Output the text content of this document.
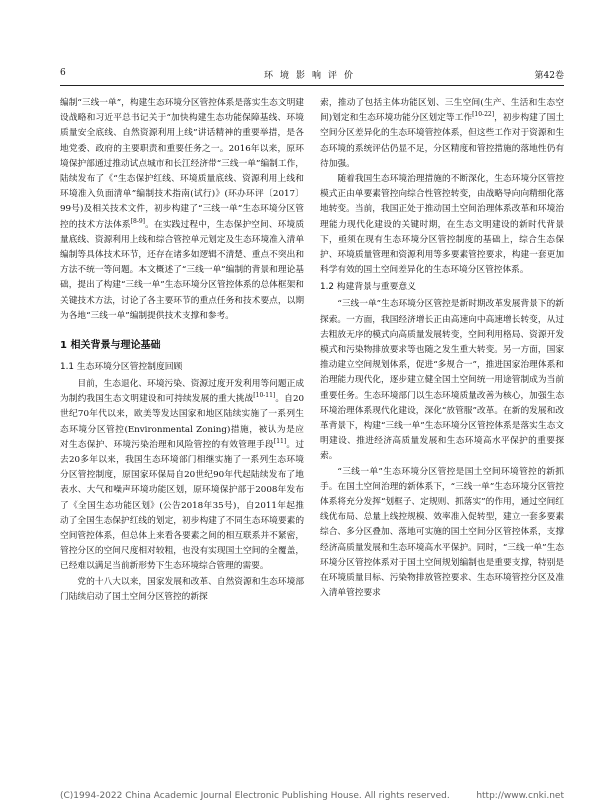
6	环境影响评价	第42卷

编制“三线一单”，构建生态环境分区管控体系是落实生态文明建设战略和习近平总书记关于“加快构建生态功能保障基线、环境质量安全底线、自然资源利用上线”讲话精神的重要举措，是各地党委、政府的主要职责和重要任务之一。2016年以来，原环境保护部通过推动试点城市和长江经济带“三线一单”编制工作，陆续发布了《“生态保护红线、环境质量底线、资源利用上线和环境准入负面清单”编制技术指南(试行)》(环办环评〔2017〕99号)及相关技术文件，初步构建了“三线一单”生态环境分区管控的技术方法体系[8-9]。在实践过程中，生态保护空间、环境质量底线、资源利用上线和综合管控单元划定及生态环境准入清单编制等具体技术环节，还存在诸多如逻辑不清楚、重点不突出和方法不统一等问题。本文概述了“三线一单”编制的背景和理论基础，提出了构建“三线一单”生态环境分区管控体系的总体框架和关键技术方法，讨论了各主要环节的重点任务和技术要点，以期为各地“三线一单”编制提供技术支撑和参考。

1 相关背景与理论基础
1.1 生态环境分区管控制度回顾

目前，生态退化、环境污染、资源过度开发利用等问题正成为制约我国生态文明建设和可持续发展的重大挑战[10-11]。自20世纪70年代以来，欧美等发达国家和地区陆续实施了一系列生态环境分区管控(Environmental Zoning)措施，被认为是应对生态保护、环境污染治理和风险管控的有效管理手段[11]。过去20多年以来，我国生态环境部门相继实施了一系列生态环境分区管控制度，原国家环保局自20世纪90年代起陆续发布了地表水、大气和噪声环境功能区划，原环境保护部于2008年发布了《全国生态功能区划》(公告2018年35号)，自2011年起推动了全国生态保护红线的划定，初步构建了不同生态环境要素的空间管控体系，但总体上来看各要素之间的相互联系并不紧密，管控分区的空间尺度相对较粗，也没有实现国土空间的全覆盖，已经难以满足当前新形势下生态环境综合管理的需要。

党的十八大以来，国家发展和改革、自然资源和生态环境部门陆续启动了国土空间分区管控的新探

索，推动了包括主体功能区划、三生空间(生产、生活和生态空间)划定和生态环境功能分区划定等工作[10-22]，初步构建了国土空间分区差异化的生态环境管控体系，但这些工作对于资源和生态环境的系统评估仍显不足，分区精度和管控措施的落地性仍有待加强。

随着我国生态环境治理措施的不断深化，生态环境分区管控模式正由单要素管控向综合性管控转变，由战略导向向精细化落地转变。当前，我国正处于推动国土空间治理体系改革和环境治理能力现代化建设的关键时期，在生态文明建设的新时代背景下，亟须在现有生态环境分区管控制度的基础上，综合生态保护、环境质量管理和资源利用等多要素管控要求，构建一套更加科学有效的国土空间差异化的生态环境分区管控体系。

1.2 构建背景与重要意义

“三线一单”生态环境分区管控是新时期改革发展背景下的新探索。一方面，我国经济增长正由高速向中高速增长转变，从过去粗放无序的模式向高质量发展转变，空间利用格局、资源开发模式和污染物排放要求等也随之发生重大转变。另一方面，国家推动建立空间规划体系，促进“多规合一”，推进国家治理体系和治理能力现代化，逐步建立健全国土空间统一用途管制成为当前重要任务。生态环境部门以生态环境质量改善为核心，加强生态环境治理体系现代化建设，深化“放管服”改革。在新的发展和改革背景下，构建“三线一单”生态环境分区管控体系是落实生态文明建设、推进经济高质量发展和生态环境高水平保护的重要探索。

“三线一单”生态环境分区管控是国土空间环境管控的新抓手。在国土空间治理的新体系下，“三线一单”生态环境分区管控体系将充分发挥“划框子、定规则、抓落实”的作用，通过空间红线优布局、总量上线控规模、效率准入促转型，建立一套多要素综合、多分区叠加、落地可实施的国土空间分区管控体系，支撑经济高质量发展和生态环境高水平保护。同时，“三线一单”生态环境分区管控体系对于国土空间规划编制也是重要支撑，特别是在环境质量目标、污染物排放管控要求、生态环境管控分区及准入清单管控要求

(C)1994-2022 China Academic Journal Electronic Publishing House. All rights reserved.	http://www.cnki.net
